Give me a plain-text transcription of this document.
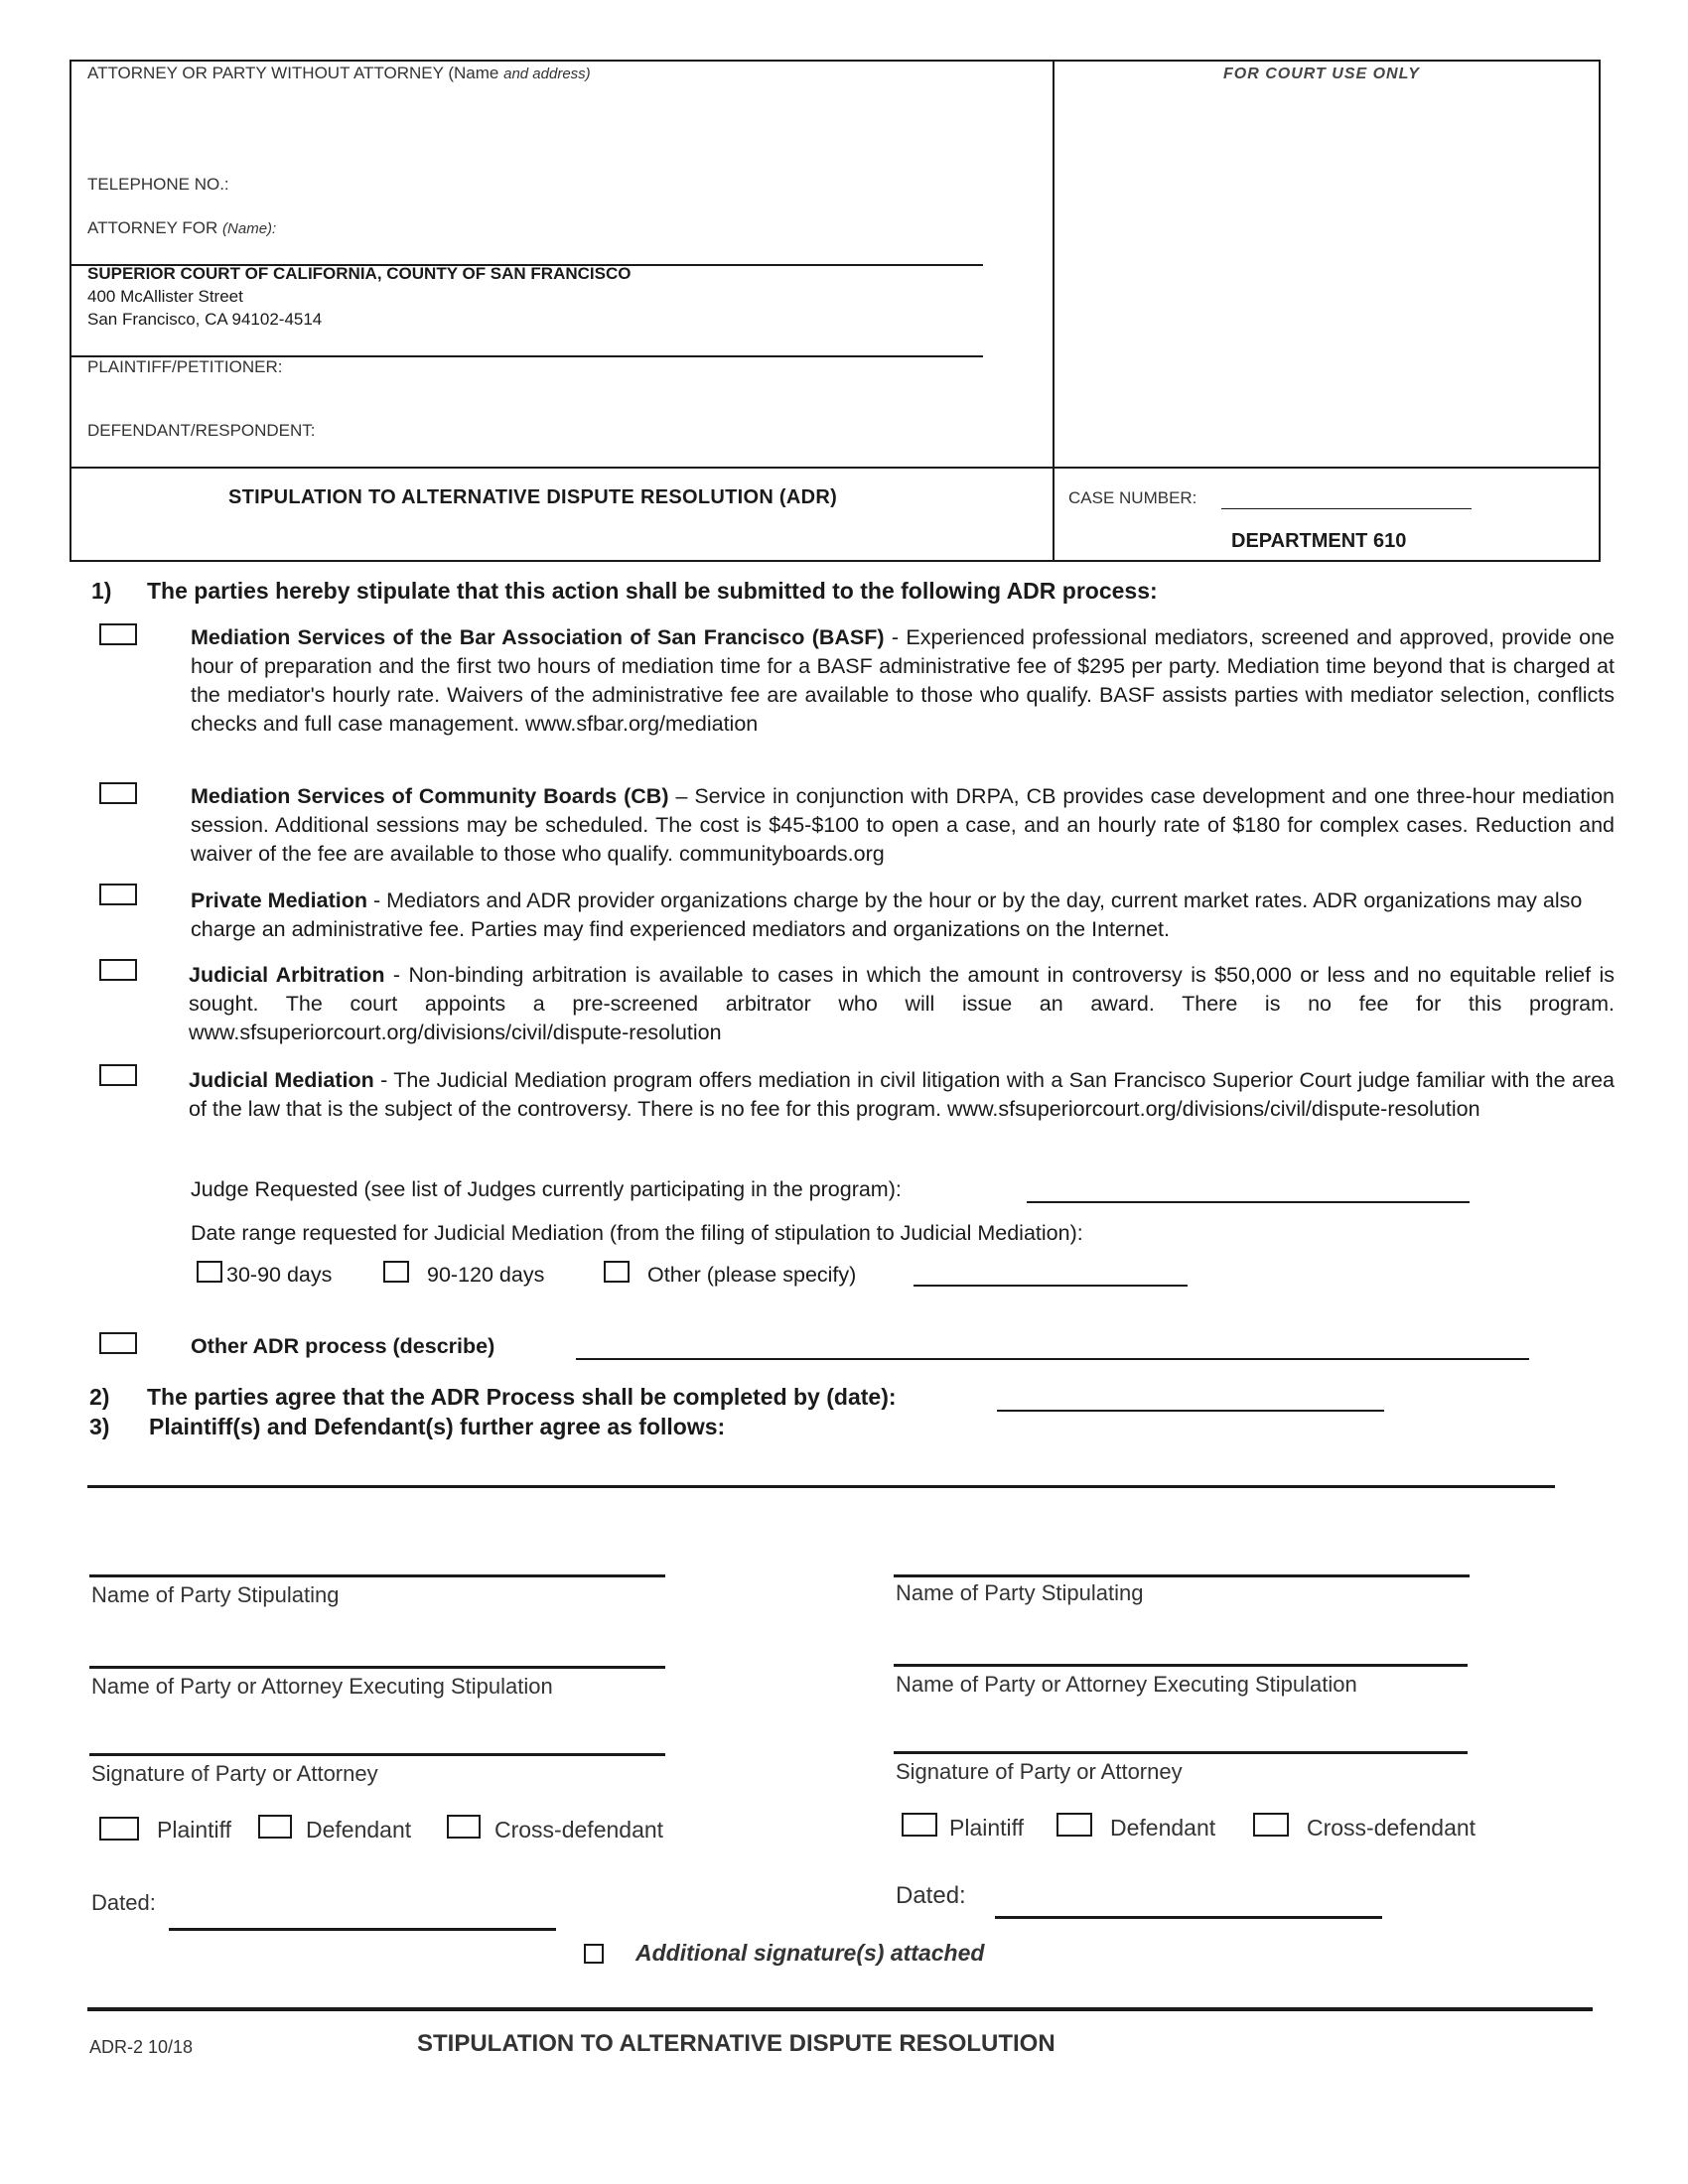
ATTORNEY OR PARTY WITHOUT ATTORNEY (Name and address)	FOR COURT USE ONLY
TELEPHONE NO.:
ATTORNEY FOR (Name):
SUPERIOR COURT OF CALIFORNIA, COUNTY OF SAN FRANCISCO
400 McAllister Street
San Francisco, CA 94102-4514
PLAINTIFF/PETITIONER:
DEFENDANT/RESPONDENT:
STIPULATION TO ALTERNATIVE DISPUTE RESOLUTION (ADR)	CASE NUMBER:
DEPARTMENT 610
1) The parties hereby stipulate that this action shall be submitted to the following ADR process:
Mediation Services of the Bar Association of San Francisco (BASF) - Experienced professional mediators, screened and approved, provide one hour of preparation and the first two hours of mediation time for a BASF administrative fee of $295 per party. Mediation time beyond that is charged at the mediator's hourly rate. Waivers of the administrative fee are available to those who qualify. BASF assists parties with mediator selection, conflicts checks and full case management. www.sfbar.org/mediation
Mediation Services of Community Boards (CB) – Service in conjunction with DRPA, CB provides case development and one three-hour mediation session. Additional sessions may be scheduled. The cost is $45-$100 to open a case, and an hourly rate of $180 for complex cases. Reduction and waiver of the fee are available to those who qualify. communityboards.org
Private Mediation - Mediators and ADR provider organizations charge by the hour or by the day, current market rates. ADR organizations may also charge an administrative fee. Parties may find experienced mediators and organizations on the Internet.
Judicial Arbitration - Non-binding arbitration is available to cases in which the amount in controversy is $50,000 or less and no equitable relief is sought. The court appoints a pre-screened arbitrator who will issue an award. There is no fee for this program. www.sfsuperiorcourt.org/divisions/civil/dispute-resolution
Judicial Mediation - The Judicial Mediation program offers mediation in civil litigation with a San Francisco Superior Court judge familiar with the area of the law that is the subject of the controversy. There is no fee for this program. www.sfsuperiorcourt.org/divisions/civil/dispute-resolution
Judge Requested (see list of Judges currently participating in the program):
Date range requested for Judicial Mediation (from the filing of stipulation to Judicial Mediation):
30-90 days	90-120 days	Other (please specify)
Other ADR process (describe)
2) The parties agree that the ADR Process shall be completed by (date):
3) Plaintiff(s) and Defendant(s) further agree as follows:
Name of Party Stipulating
Name of Party or Attorney Executing Stipulation
Signature of Party or Attorney
Plaintiff	Defendant	Cross-defendant
Dated:
Name of Party Stipulating
Name of Party or Attorney Executing Stipulation
Signature of Party or Attorney
Plaintiff	Defendant	Cross-defendant
Dated:
Additional signature(s) attached
ADR-2 10/18	STIPULATION TO ALTERNATIVE DISPUTE RESOLUTION
